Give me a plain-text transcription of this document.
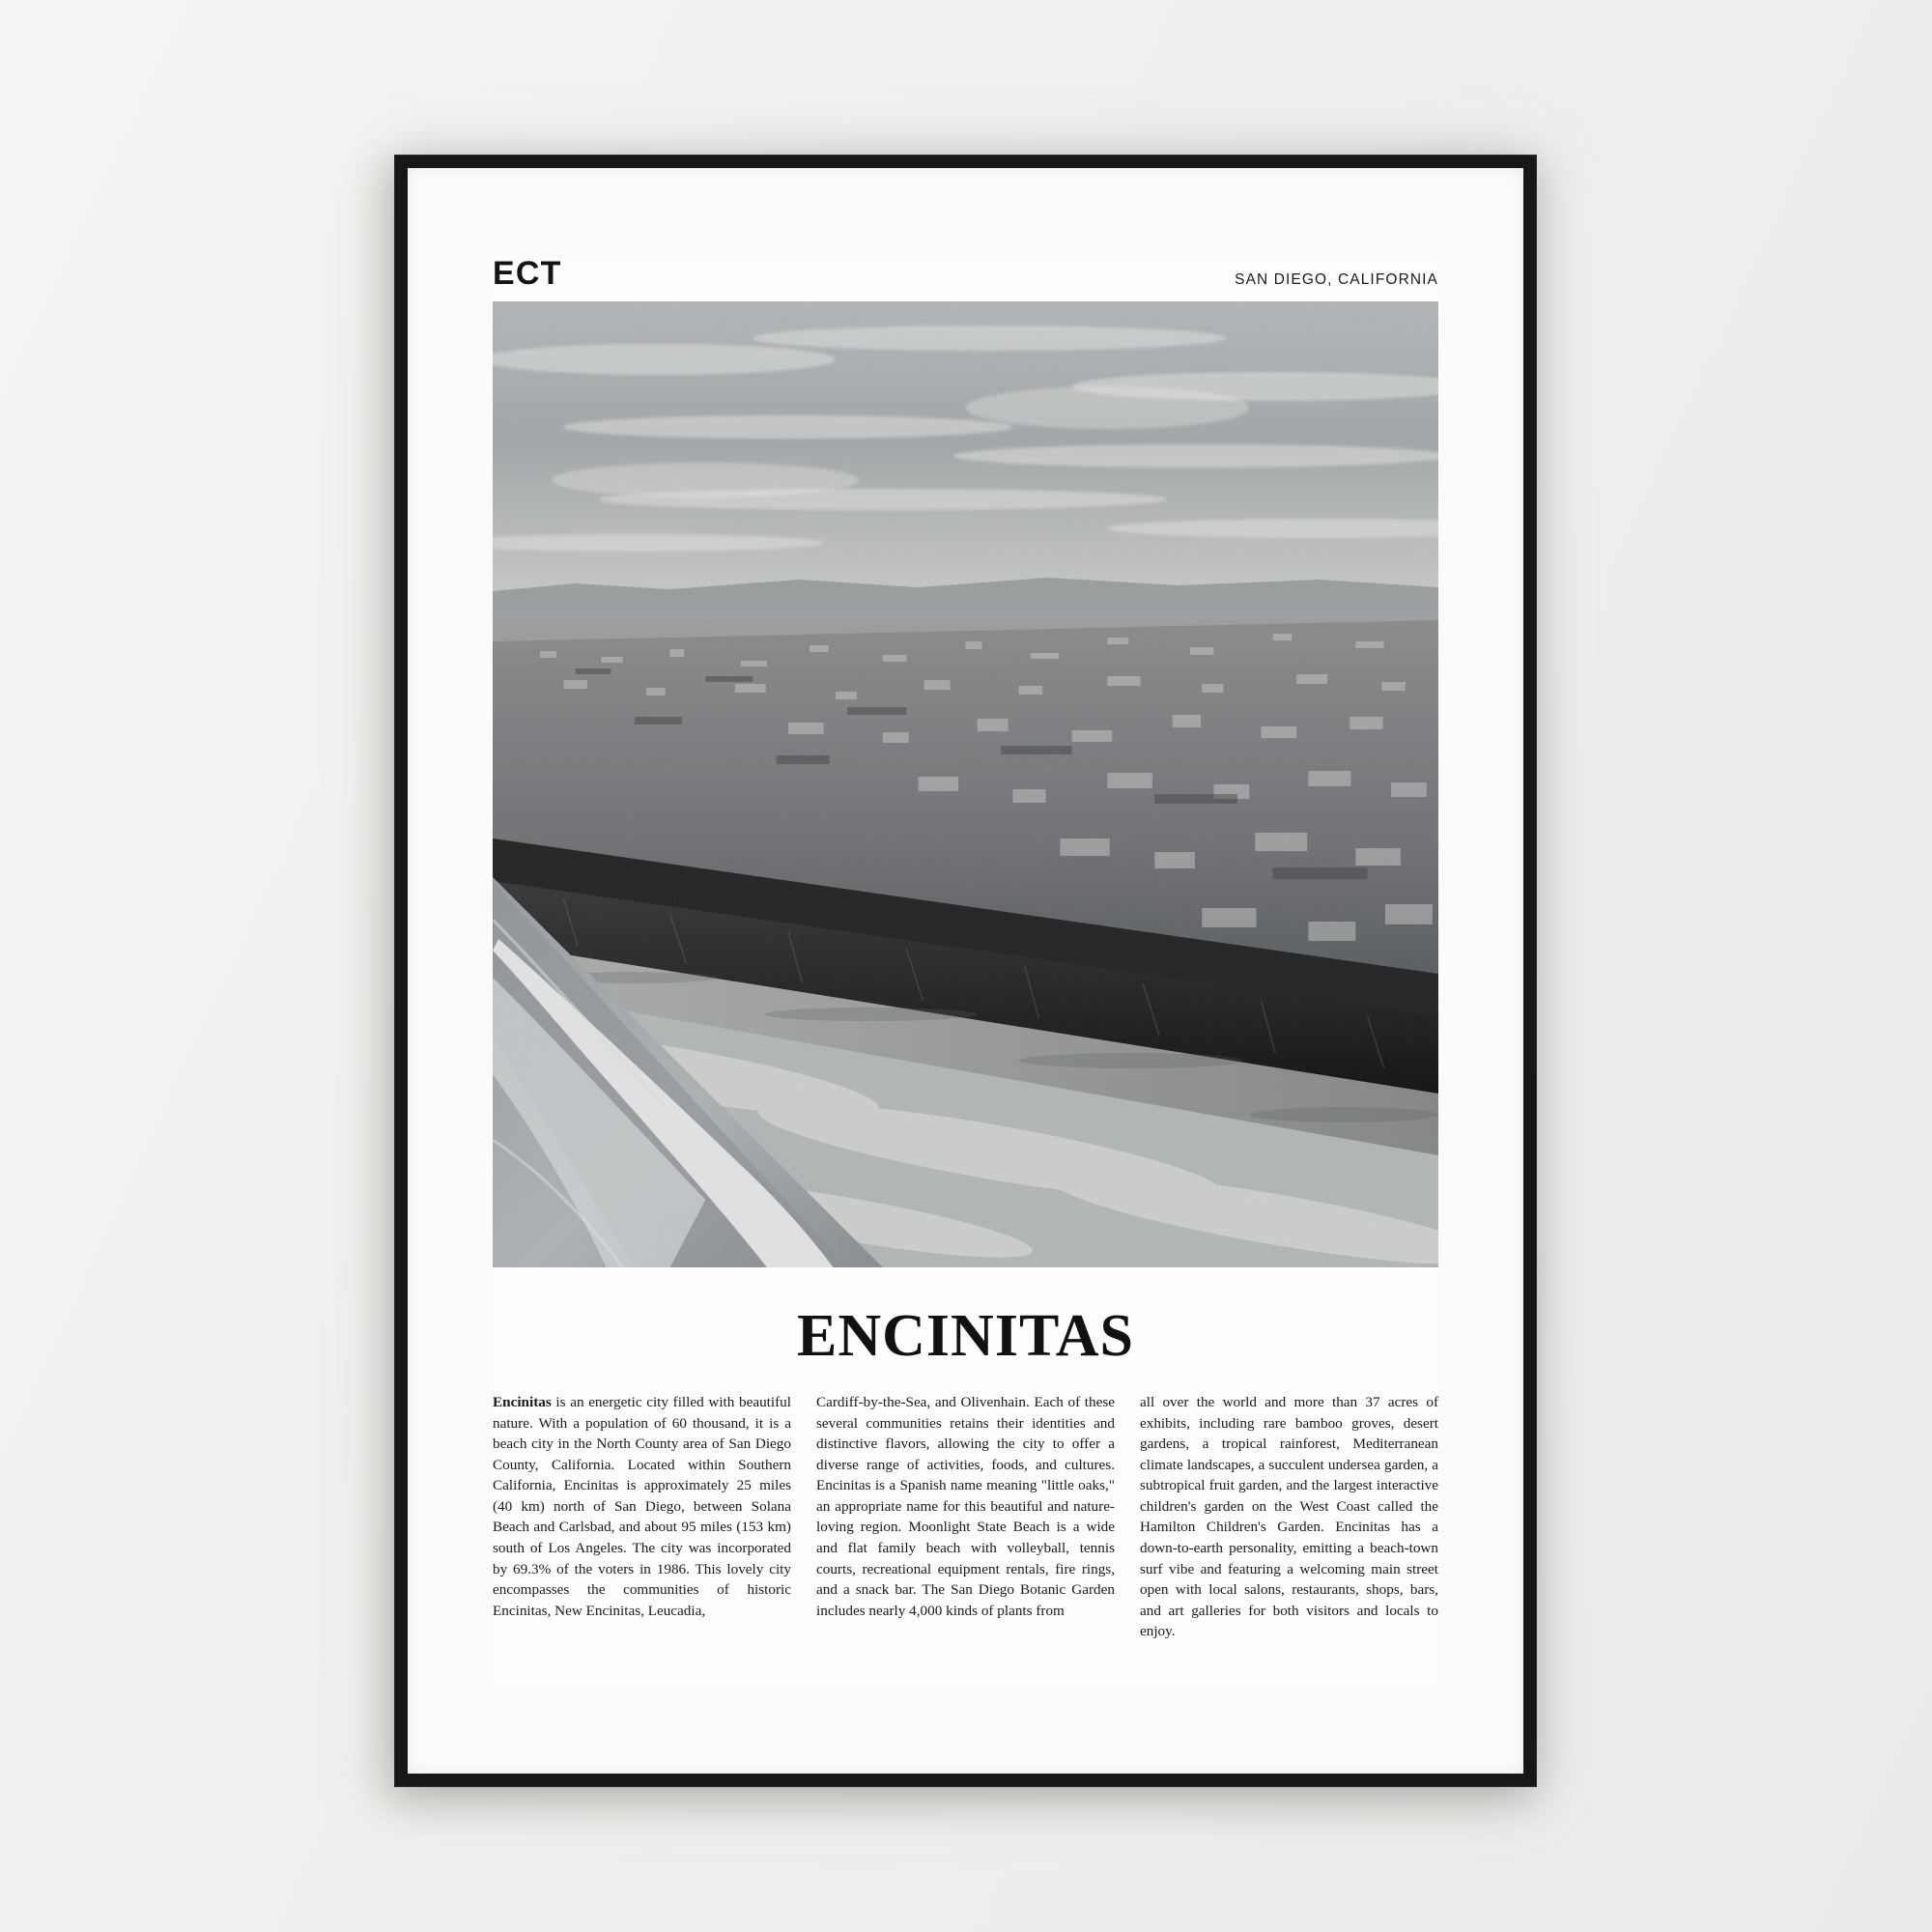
ECT	SAN DIEGO, CALIFORNIA
ENCINITAS

Encinitas is an energetic city filled with beautiful nature. With a population of 60 thousand, it is a beach city in the North County area of San Diego County, California. Located within Southern California, Encinitas is approximately 25 miles (40 km) north of San Diego, between Solana Beach and Carlsbad, and about 95 miles (153 km) south of Los Angeles. The city was incorporated by 69.3% of the voters in 1986. This lovely city encompasses the communities of historic Encinitas, New Encinitas, Leucadia,

Cardiff-by-the-Sea, and Olivenhain. Each of these several communities retains their identities and distinctive flavors, allowing the city to offer a diverse range of activities, foods, and cultures. Encinitas is a Spanish name meaning "little oaks," an appropriate name for this beautiful and nature-loving region. Moonlight State Beach is a wide and flat family beach with volleyball, tennis courts, recreational equipment rentals, fire rings, and a snack bar. The San Diego Botanic Garden includes nearly 4,000 kinds of plants from

all over the world and more than 37 acres of exhibits, including rare bamboo groves, desert gardens, a tropical rainforest, Mediterranean climate landscapes, a succulent undersea garden, a subtropical fruit garden, and the largest interactive children's garden on the West Coast called the Hamilton Children's Garden. Encinitas has a down-to-earth personality, emitting a beach-town surf vibe and featuring a welcoming main street open with local salons, restaurants, shops, bars, and art galleries for both visitors and locals to enjoy.
